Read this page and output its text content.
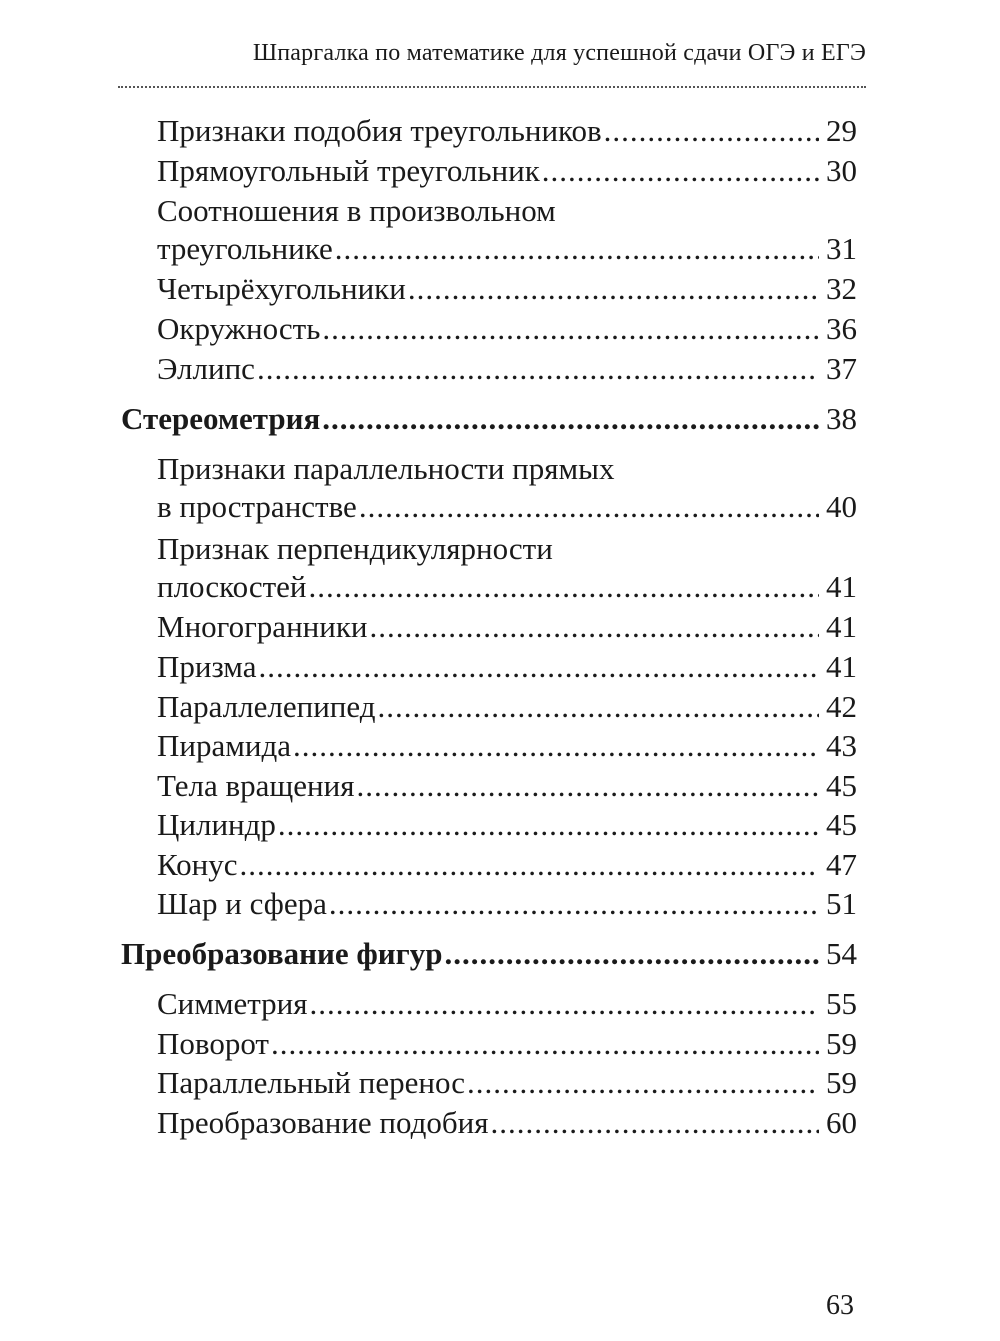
Шпаргалка по математике для успешной сдачи ОГЭ и ЕГЭ
Признаки подобия треугольников .....	29
Прямоугольный треугольник .....	30
Соотношения в произвольном
треугольнике .....	31
Четырёхугольники .....	32
Окружность .....	36
Эллипс .....	37
Стереометрия .....	38
Признаки параллельности прямых
в пространстве .....	40
Признак перпендикулярности
плоскостей .....	41
Многогранники .....	41
Призма .....	41
Параллелепипед .....	42
Пирамида .....	43
Тела вращения .....	45
Цилиндр .....	45
Конус .....	47
Шар и сфера .....	51
Преобразование фигур .....	54
Симметрия .....	55
Поворот .....	59
Параллельный перенос .....	59
Преобразование подобия .....	60
63
